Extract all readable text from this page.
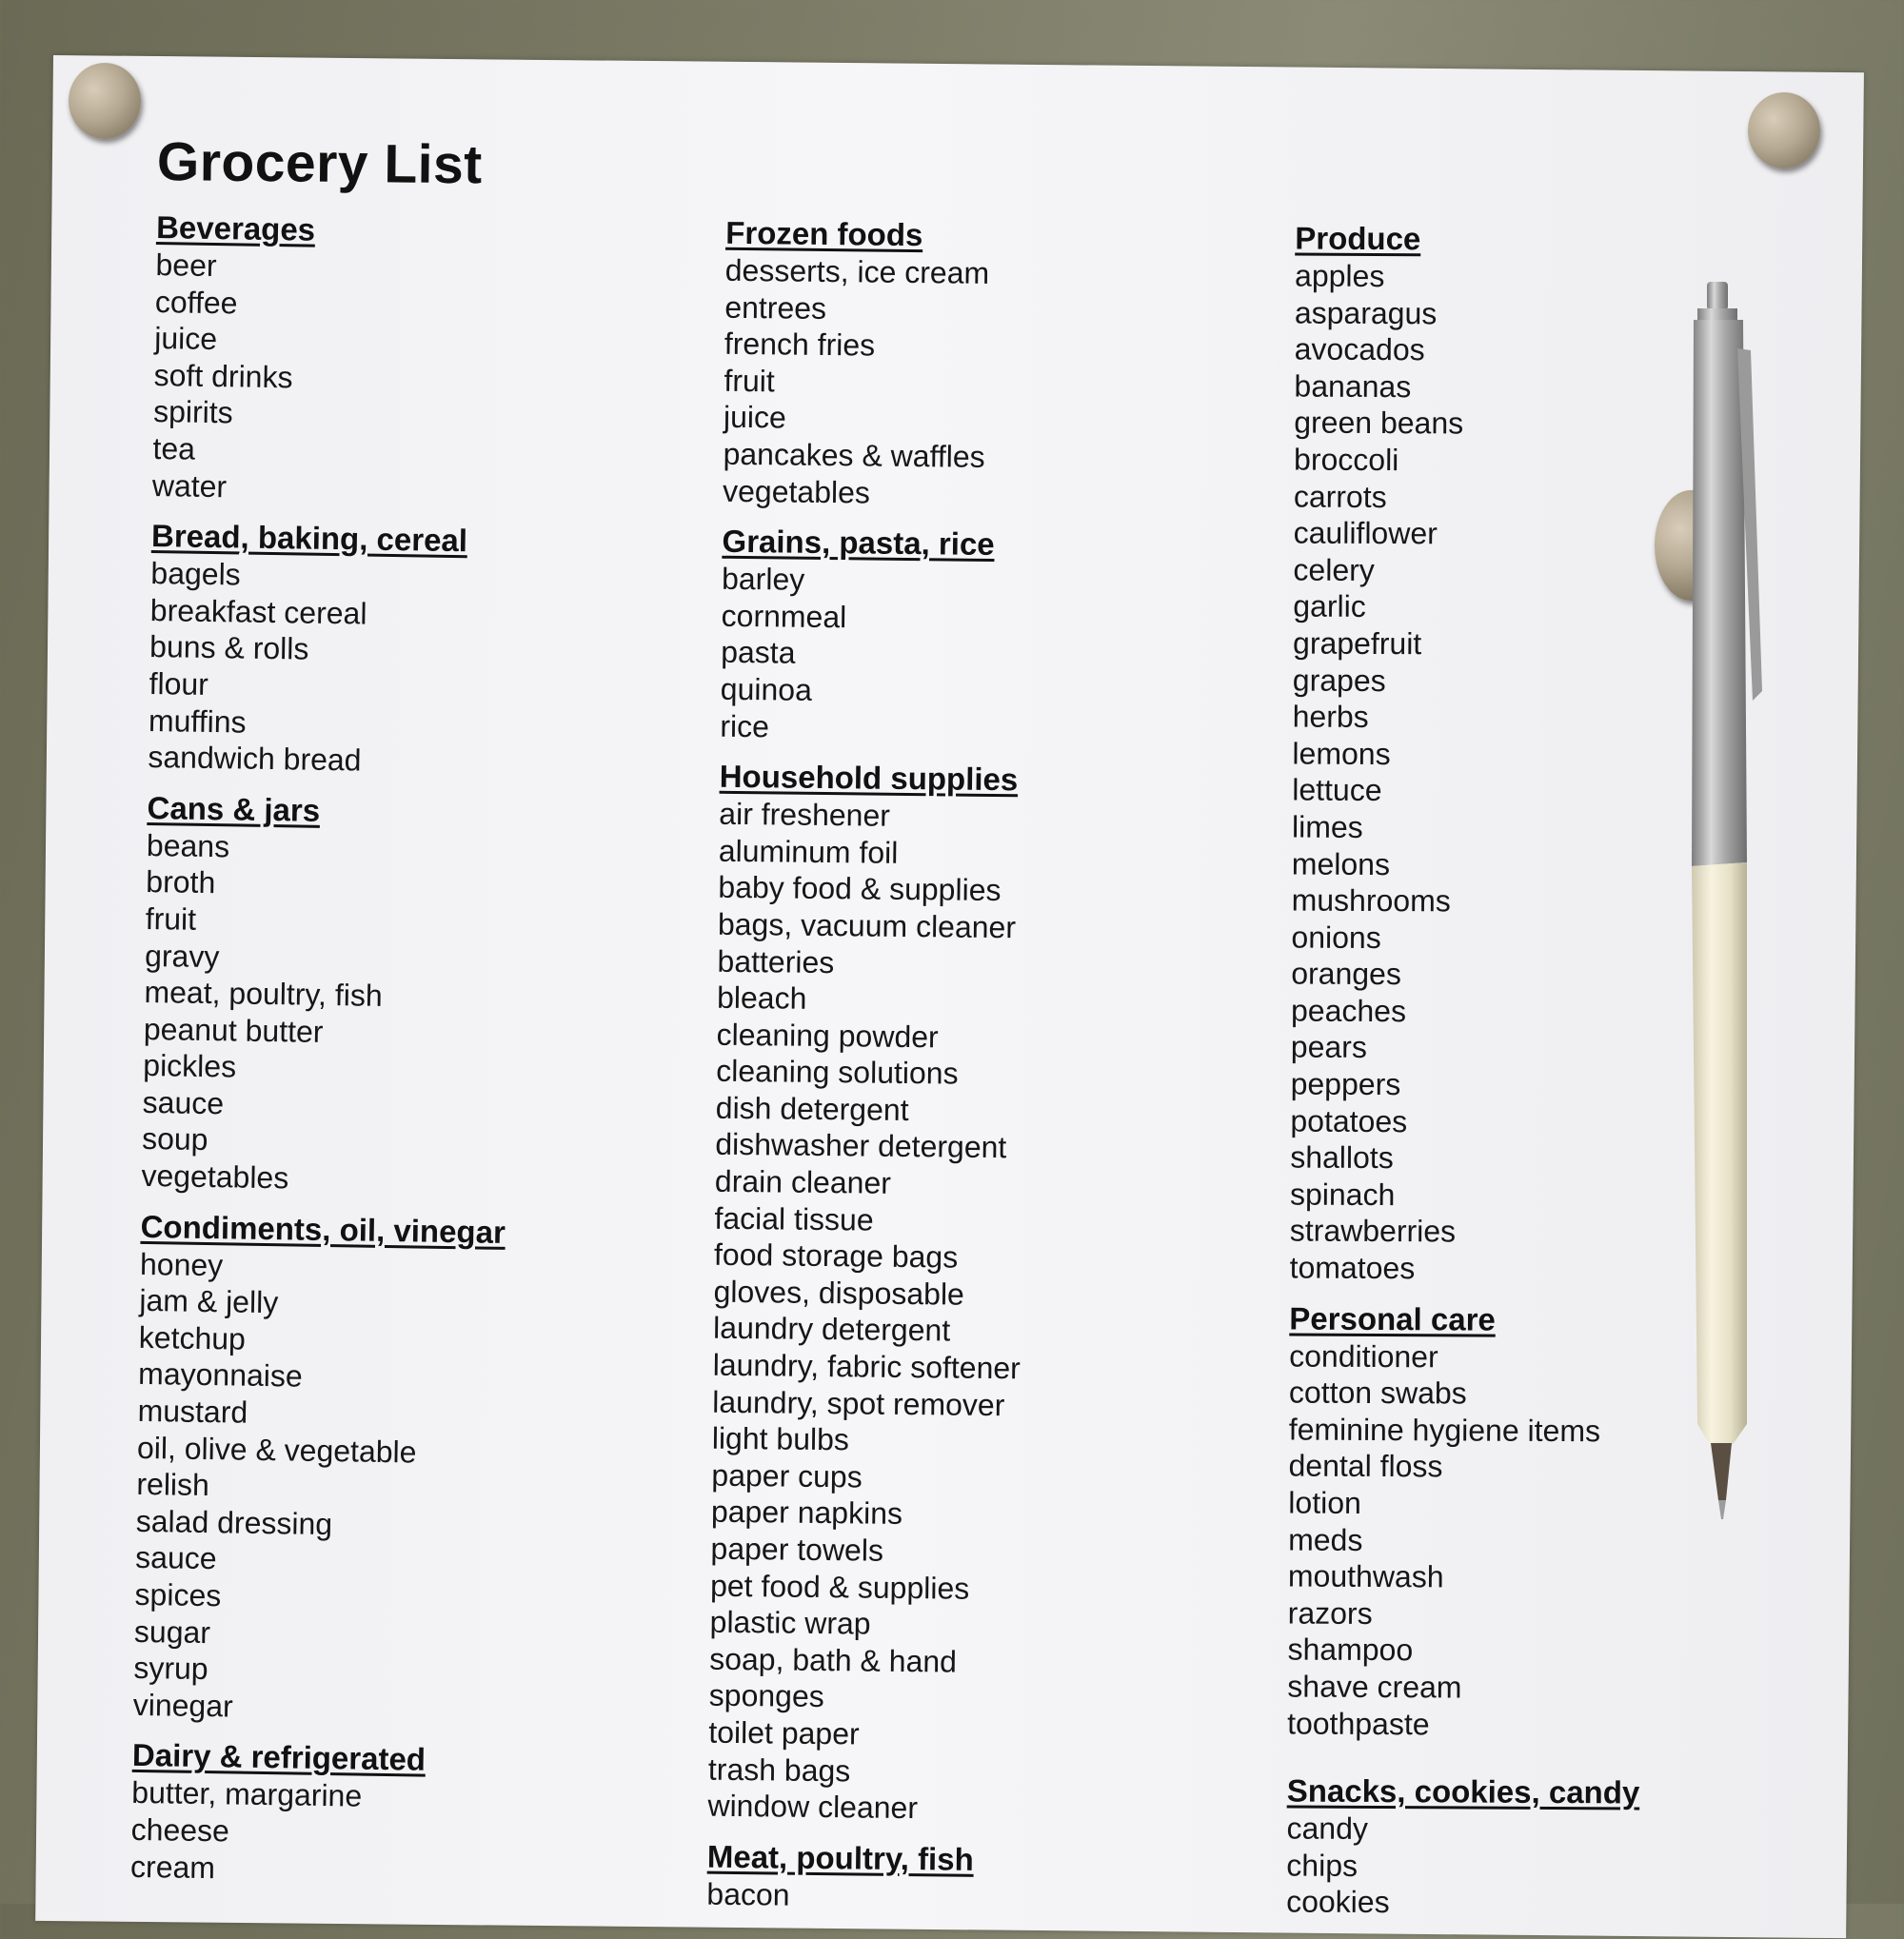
Grocery List
Beverages
beer
coffee
juice
soft drinks
spirits
tea
water
Bread, baking, cereal
bagels
breakfast cereal
buns & rolls
flour
muffins
sandwich bread
Cans & jars
beans
broth
fruit
gravy
meat, poultry, fish
peanut butter
pickles
sauce
soup
vegetables
Condiments, oil, vinegar
honey
jam & jelly
ketchup
mayonnaise
mustard
oil, olive & vegetable
relish
salad dressing
sauce
spices
sugar
syrup
vinegar
Dairy & refrigerated
butter, margarine
cheese
cream
Frozen foods
desserts, ice cream
entrees
french fries
fruit
juice
pancakes & waffles
vegetables
Grains, pasta, rice
barley
cornmeal
pasta
quinoa
rice
Household supplies
air freshener
aluminum foil
baby food & supplies
bags, vacuum cleaner
batteries
bleach
cleaning powder
cleaning solutions
dish detergent
dishwasher detergent
drain cleaner
facial tissue
food storage bags
gloves, disposable
laundry detergent
laundry, fabric softener
laundry, spot remover
light bulbs
paper cups
paper napkins
paper towels
pet food & supplies
plastic wrap
soap, bath & hand
sponges
toilet paper
trash bags
window cleaner
Meat, poultry, fish
bacon
Produce
apples
asparagus
avocados
bananas
green beans
broccoli
carrots
cauliflower
celery
garlic
grapefruit
grapes
herbs
lemons
lettuce
limes
melons
mushrooms
onions
oranges
peaches
pears
peppers
potatoes
shallots
spinach
strawberries
tomatoes
Personal care
conditioner
cotton swabs
feminine hygiene items
dental floss
lotion
meds
mouthwash
razors
shampoo
shave cream
toothpaste
Snacks, cookies, candy
candy
chips
cookies
